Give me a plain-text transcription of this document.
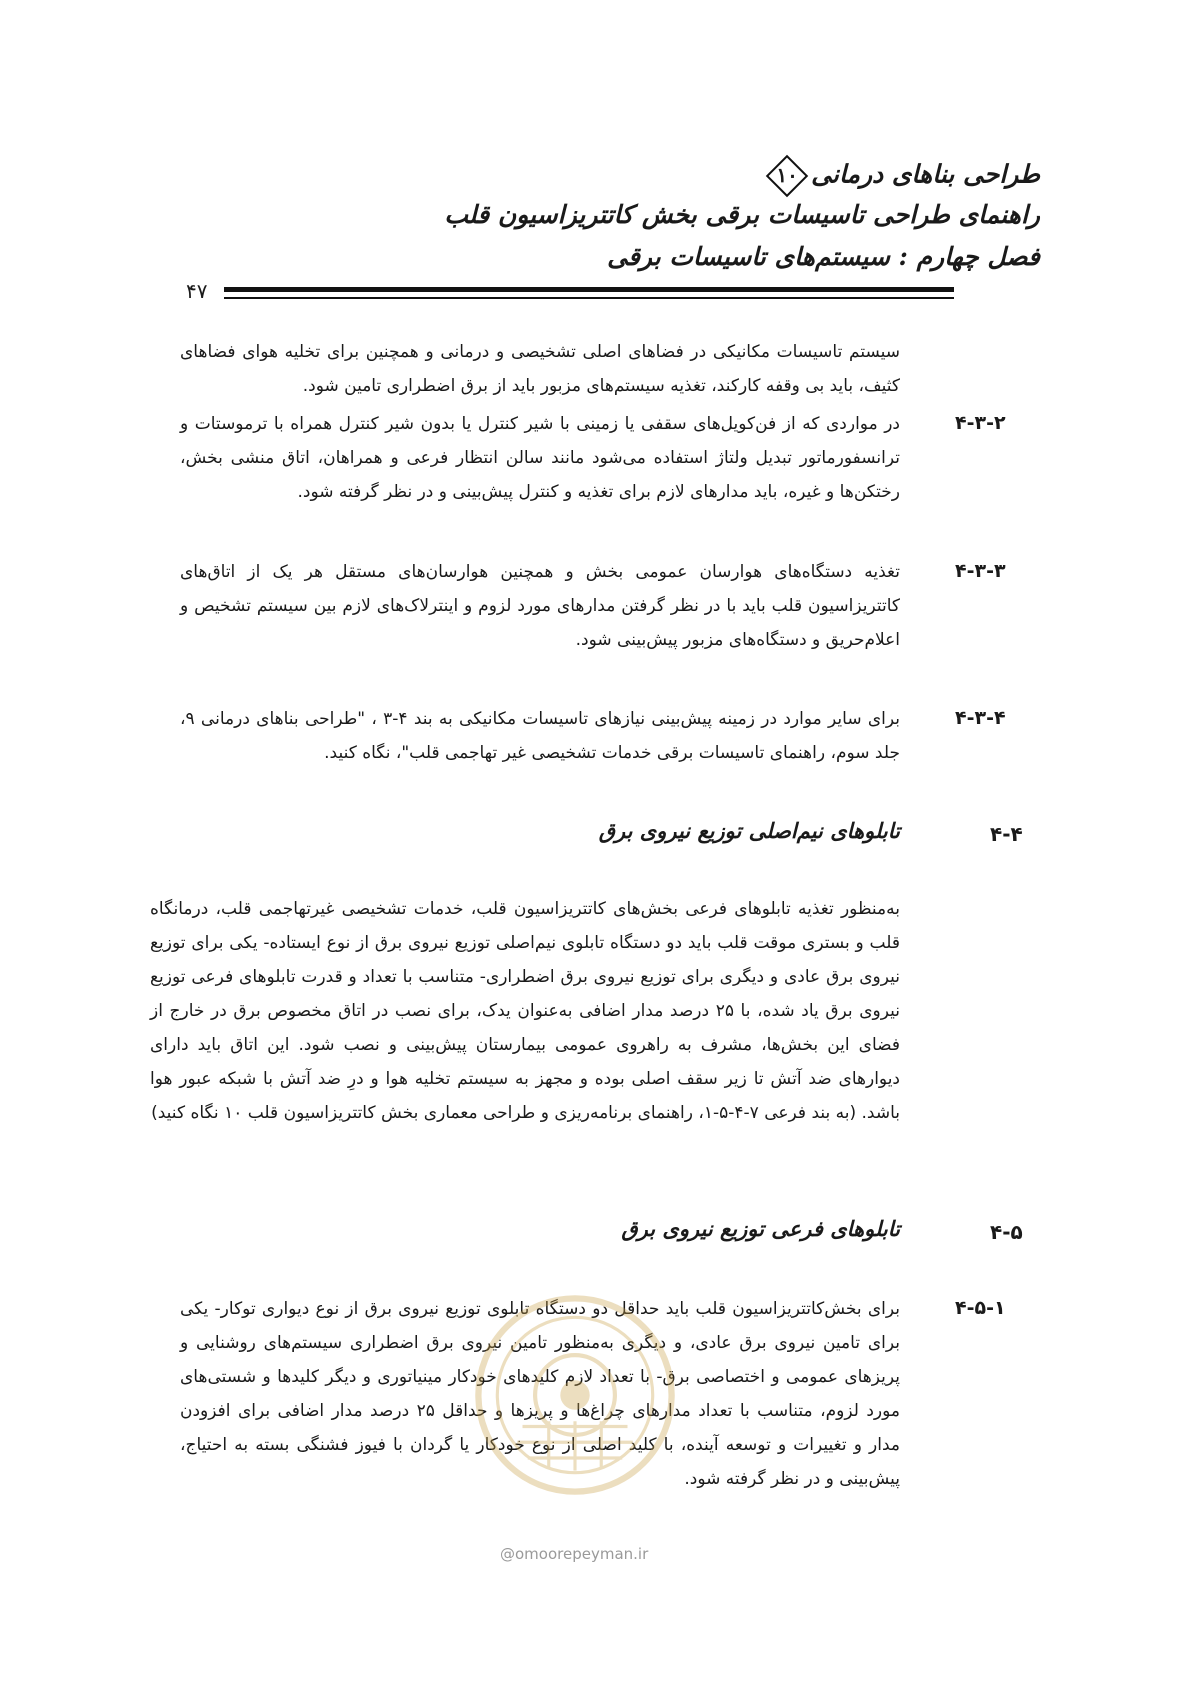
طراحی بناهای درمانی
۱۰
راهنمای طراحی تاسیسات برقی بخش کاتتریزاسیون قلب
فصل چهارم : سیستم‌های تاسیسات برقی
۴۷
سیستم تاسیسات مکانیکی در فضاهای اصلی تشخیصی و درمانی و همچنین برای تخلیه هوای فضاهای کثیف، باید بی وقفه کارکند، تغذیه سیستم‌های مزبور باید از برق اضطراری تامین شود.
۴-۳-۲
در مواردی که از فن‌کویل‌های سقفی یا زمینی با شیر کنترل یا بدون شیر کنترل همراه با ترموستات و ترانسفورماتور تبدیل ولتاژ استفاده می‌شود مانند سالن انتظار فرعی و همراهان، اتاق منشی بخش، رختکن‌ها و غیره، باید مدارهای لازم برای تغذیه و کنترل پیش‌بینی و در نظر گرفته شود.
۴-۳-۳
تغذیه دستگاه‌های هوارسان عمومی بخش و همچنین هوارسان‌های مستقل هر یک از اتاق‌های کاتتریزاسیون قلب باید با در نظر گرفتن مدارهای مورد لزوم و اینترلاک‌های لازم بین سیستم تشخیص و اعلام‌حریق و دستگاه‌های مزبور پیش‌بینی شود.
۴-۳-۴
برای سایر موارد در زمینه پیش‌بینی نیازهای تاسیسات مکانیکی به بند ۴-۳ ، "طراحی بناهای درمانی ۹، جلد سوم، راهنمای تاسیسات برقی خدمات تشخیصی غیر تهاجمی قلب"، نگاه کنید.
۴-۴
تابلوهای نیم‌اصلی توزیع نیروی برق
به‌منظور تغذیه تابلوهای فرعی بخش‌های کاتتریزاسیون قلب، خدمات تشخیصی غیرتهاجمی قلب، درمانگاه قلب و بستری موقت قلب باید دو دستگاه تابلوی نیم‌اصلی توزیع نیروی برق از نوع ایستاده- یکی برای توزیع نیروی برق عادی و دیگری برای توزیع نیروی برق اضطراری- متناسب با تعداد و قدرت تابلوهای فرعی توزیع نیروی برق یاد شده، با ۲۵ درصد مدار اضافی به‌عنوان یدک، برای نصب در اتاق مخصوص برق در خارج از فضای این بخش‌ها، مشرف به راهروی عمومی بیمارستان پیش‌بینی و نصب شود. این اتاق باید دارای دیوارهای ضد آتش تا زیر سقف اصلی بوده و مجهز به سیستم تخلیه هوا و درِ ضد آتش با شبکه عبور هوا باشد. (به بند فرعی ۷-۴-۵-۱، راهنمای برنامه‌ریزی و طراحی معماری بخش کاتتریزاسیون قلب ۱۰ نگاه کنید)
۴-۵
تابلوهای فرعی توزیع نیروی برق
۴-۵-۱
برای بخش‌کاتتریزاسیون قلب باید حداقل دو دستگاه تابلوی توزیع نیروی برق از نوع دیواری توکار- یکی برای تامین نیروی برق عادی، و دیگری به‌منظور تامین نیروی برق اضطراری سیستم‌های روشنایی و پریزهای عمومی و اختصاصی برق- با تعداد لازم کلیدهای خودکار مینیاتوری و دیگر کلیدها و شستی‌های مورد لزوم، متناسب با تعداد مدارهای چراغ‌ها و پریزها و حداقل ۲۵ درصد مدار اضافی برای افزودن مدار و تغییرات و توسعه آینده، با کلید اصلی از نوع خودکار یا گردان با فیوز فشنگی بسته به احتیاج، پیش‌بینی و در نظر گرفته شود.
@omoorepeyman.ir
